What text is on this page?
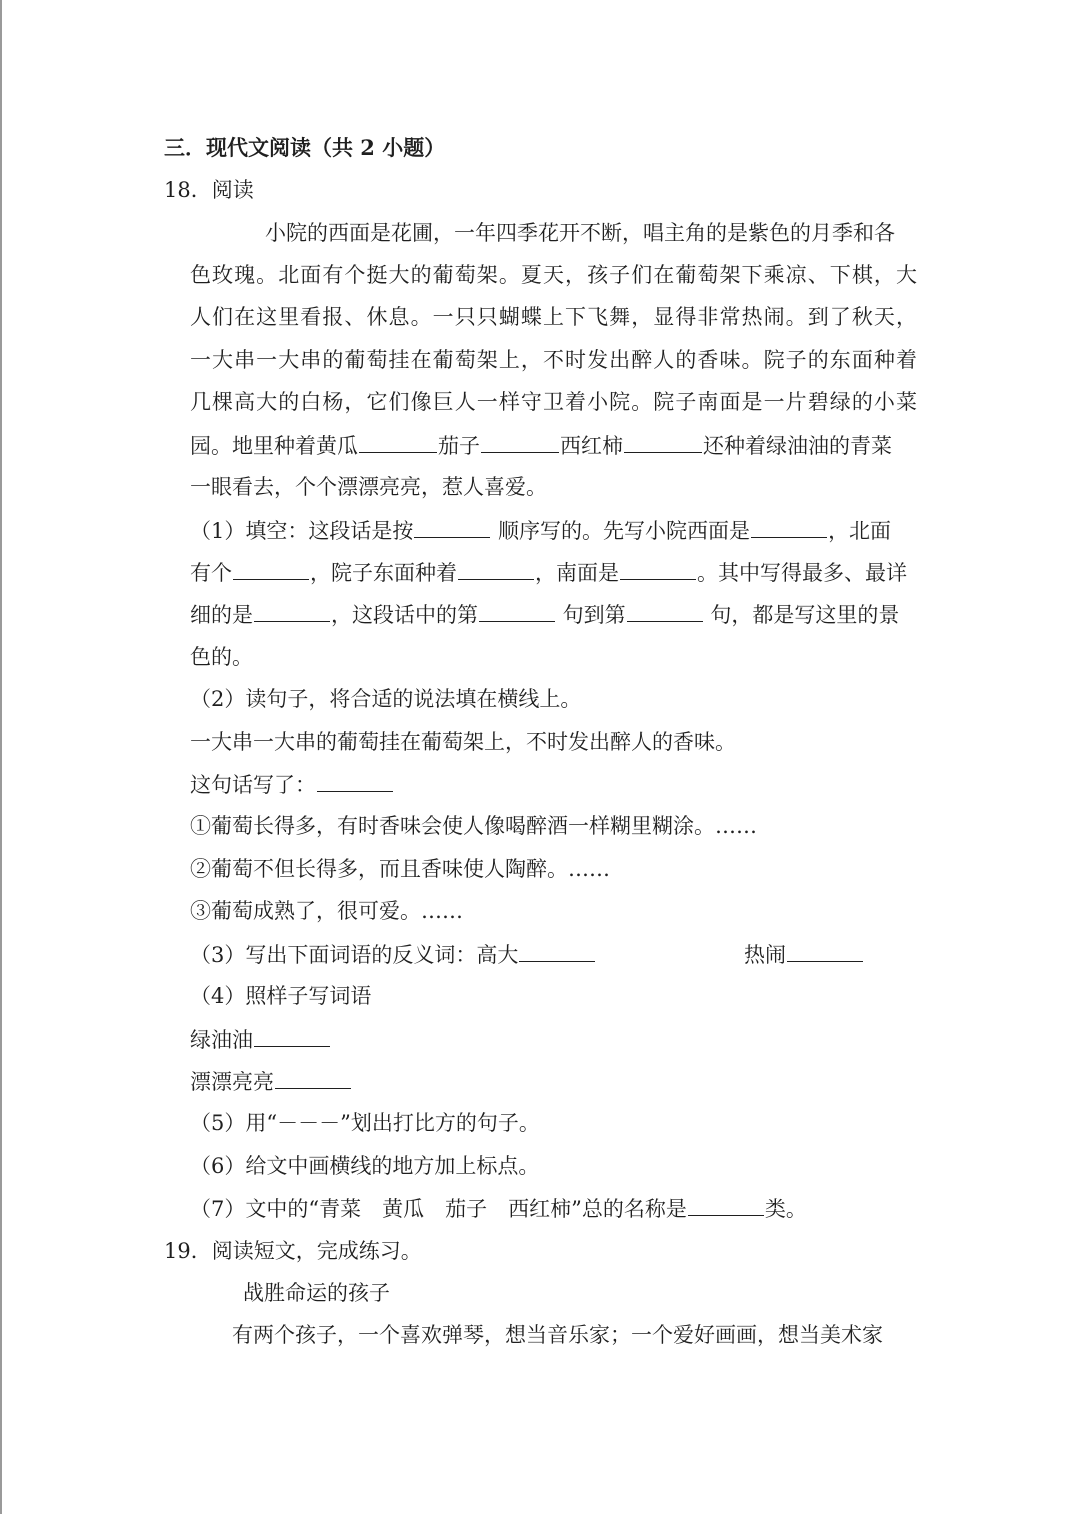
三．现代文阅读（共 2 小题）
18．阅读
小院的西面是花圃，一年四季花开不断，唱主角的是紫色的月季和各
色玫瑰。北面有个挺大的葡萄架。夏天，孩子们在葡萄架下乘凉、下棋，大
人们在这里看报、休息。一只只蝴蝶上下飞舞，显得非常热闹。到了秋天，
一大串一大串的葡萄挂在葡萄架上，不时发出醉人的香味。院子的东面种着
几棵高大的白杨，它们像巨人一样守卫着小院。院子南面是一片碧绿的小菜
园。地里种着黄瓜	茄子	西红柿	还种着绿油油的青菜
一眼看去，个个漂漂亮亮，惹人喜爱。
（1）填空：这段话是按	顺序写的。先写小院西面是	，北面
有个	，院子东面种着	，南面是	。其中写得最多、最详
细的是	，这段话中的第	句到第	句，都是写这里的景
色的。
（2）读句子，将合适的说法填在横线上。
一大串一大串的葡萄挂在葡萄架上，不时发出醉人的香味。
这句话写了：
①葡萄长得多，有时香味会使人像喝醉酒一样糊里糊涂。……
②葡萄不但长得多，而且香味使人陶醉。……
③葡萄成熟了，很可爱。……
（3）写出下面词语的反义词：高大	热闹
（4）照样子写词语
绿油油
漂漂亮亮
（5）用“－－－”划出打比方的句子。
（6）给文中画横线的地方加上标点。
（7）文中的“青菜　黄瓜　茄子　西红柿”总的名称是	类。
19．阅读短文，完成练习。
战胜命运的孩子
有两个孩子，一个喜欢弹琴，想当音乐家；一个爱好画画，想当美术家
